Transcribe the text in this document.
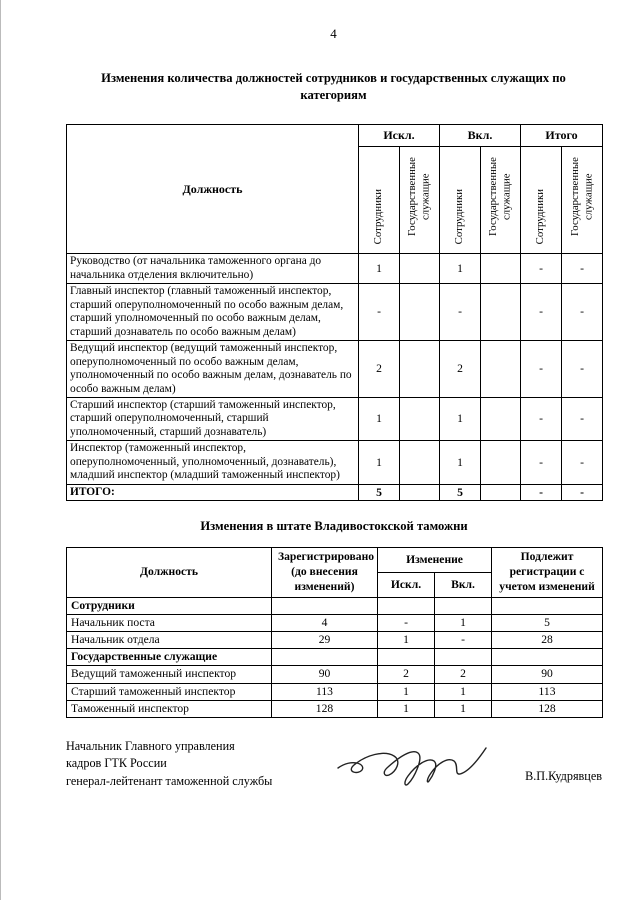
4
Изменения количества должностей сотрудников и государственных служащих по категориям
Должность	Искл.		Вкл.		Итого	
	Сотрудники	Государственные служащие	Сотрудники	Государственные служащие	Сотрудники	Государственные служащие
Руководство (от начальника таможенного органа до начальника отделения включительно)	1		1		-	-
Главный инспектор (главный таможенный инспектор, старший оперуполномоченный по особо важным делам, старший уполномоченный по особо важным делам, старший дознаватель по особо важным делам)	-		-		-	-
Ведущий инспектор (ведущий таможенный инспектор, оперуполномоченный по особо важным делам, уполномоченный по особо важным делам, дознаватель по особо важным делам)	2		2		-	-
Старший инспектор (старший таможенный инспектор, старший оперуполномоченный, старший уполномоченный, старший дознаватель)	1		1		-	-
Инспектор (таможенный инспектор, оперуполномоченный, уполномоченный, дознаватель), младший инспектор (младший таможенный инспектор)	1		1		-	-
ИТОГО:	5		5		-	-
Изменения в штате Владивостокской таможни
Должность	Зарегистрировано (до внесения изменений)	Изменение		Подлежит регистрации с учетом изменений
		Искл.	Вкл.	
Сотрудники				
Начальник поста	4	-	1	5
Начальник отдела	29	1	-	28
Государственные служащие				
Ведущий таможенный инспектор	90	2	2	90
Старший таможенный инспектор	113	1	1	113
Таможенный инспектор	128	1	1	128
Начальник Главного управления
кадров ГТК России
генерал-лейтенант таможенной службы	В.П.Кудрявцев
